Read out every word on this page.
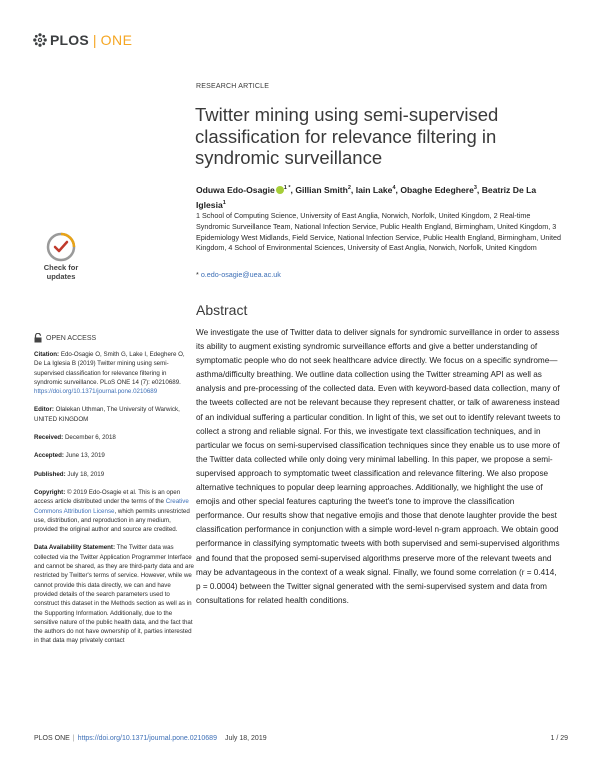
PLOS | ONE
RESEARCH ARTICLE
Twitter mining using semi-supervised classification for relevance filtering in syndromic surveillance
Oduwa Edo-Osagie $^{1 *}$, Gillian Smith$^2$, Iain Lake$^4$, Obaghe Edeghere$^3$, Beatriz De La Iglesia$^1$
1 School of Computing Science, University of East Anglia, Norwich, Norfolk, United Kingdom, 2 Real-time Syndromic Surveillance Team, National Infection Service, Public Health England, Birmingham, United Kingdom, 3 Epidemiology West Midlands, Field Service, National Infection Service, Public Health England, Birmingham, United Kingdom, 4 School of Environmental Sciences, University of East Anglia, Norwich, Norfolk, United Kingdom
* o.edo-osagie@uea.ac.uk
Check for
updates
OPEN ACCESS
Citation: Edo-Osagie O, Smith G, Lake I, Edeghere O, De La Iglesia B (2019) Twitter mining using semi-supervised classification for relevance filtering in syndromic surveillance. PLoS ONE 14 (7): e0210689. https://doi.org/10.1371/journal.pone.0210689
Editor: Olalekan Uthman, The University of Warwick, UNITED KINGDOM
Received: December 6, 2018
Accepted: June 13, 2019
Published: July 18, 2019
Copyright: © 2019 Edo-Osagie et al. This is an open access article distributed under the terms of the Creative Commons Attribution License, which permits unrestricted use, distribution, and reproduction in any medium, provided the original author and source are credited.
Data Availability Statement: The Twitter data was collected via the Twitter Application Programmer Interface and cannot be shared, as they are third-party data and are restricted by Twitter's terms of service. However, while we cannot provide this data directly, we can and have provided details of the search parameters used to construct this dataset in the Methods section as well as in the Supporting Information. Additionally, due to the sensitive nature of the public health data, and the fact that the authors do not have ownership of it, parties interested in that data may privately contact
Abstract
We investigate the use of Twitter data to deliver signals for syndromic surveillance in order to assess its ability to augment existing syndromic surveillance efforts and give a better understanding of symptomatic people who do not seek healthcare advice directly. We focus on a specific syndrome—asthma/difficulty breathing. We outline data collection using the Twitter streaming API as well as analysis and pre-processing of the collected data. Even with keyword-based data collection, many of the tweets collected are not be relevant because they represent chatter, or talk of awareness instead of an individual suffering a particular condition. In light of this, we set out to identify relevant tweets to collect a strong and reliable signal. For this, we investigate text classification techniques, and in particular we focus on semi-supervised classification techniques since they enable us to use more of the Twitter data collected while only doing very minimal labelling. In this paper, we propose a semi-supervised approach to symptomatic tweet classification and relevance filtering. We also propose alternative techniques to popular deep learning approaches. Additionally, we highlight the use of emojis and other special features capturing the tweet's tone to improve the classification performance. Our results show that negative emojis and those that denote laughter provide the best classification performance in conjunction with a simple word-level n-gram approach. We obtain good performance in classifying symptomatic tweets with both supervised and semi-supervised algorithms and found that the proposed semi-supervised algorithms preserve more of the relevant tweets and may be advantageous in the context of a weak signal. Finally, we found some correlation (r = 0.414, p = 0.0004) between the Twitter signal generated with the semi-supervised system and data from consultations for related health conditions.
PLOS ONE | https://doi.org/10.1371/journal.pone.0210689 July 18, 2019	1 / 29
